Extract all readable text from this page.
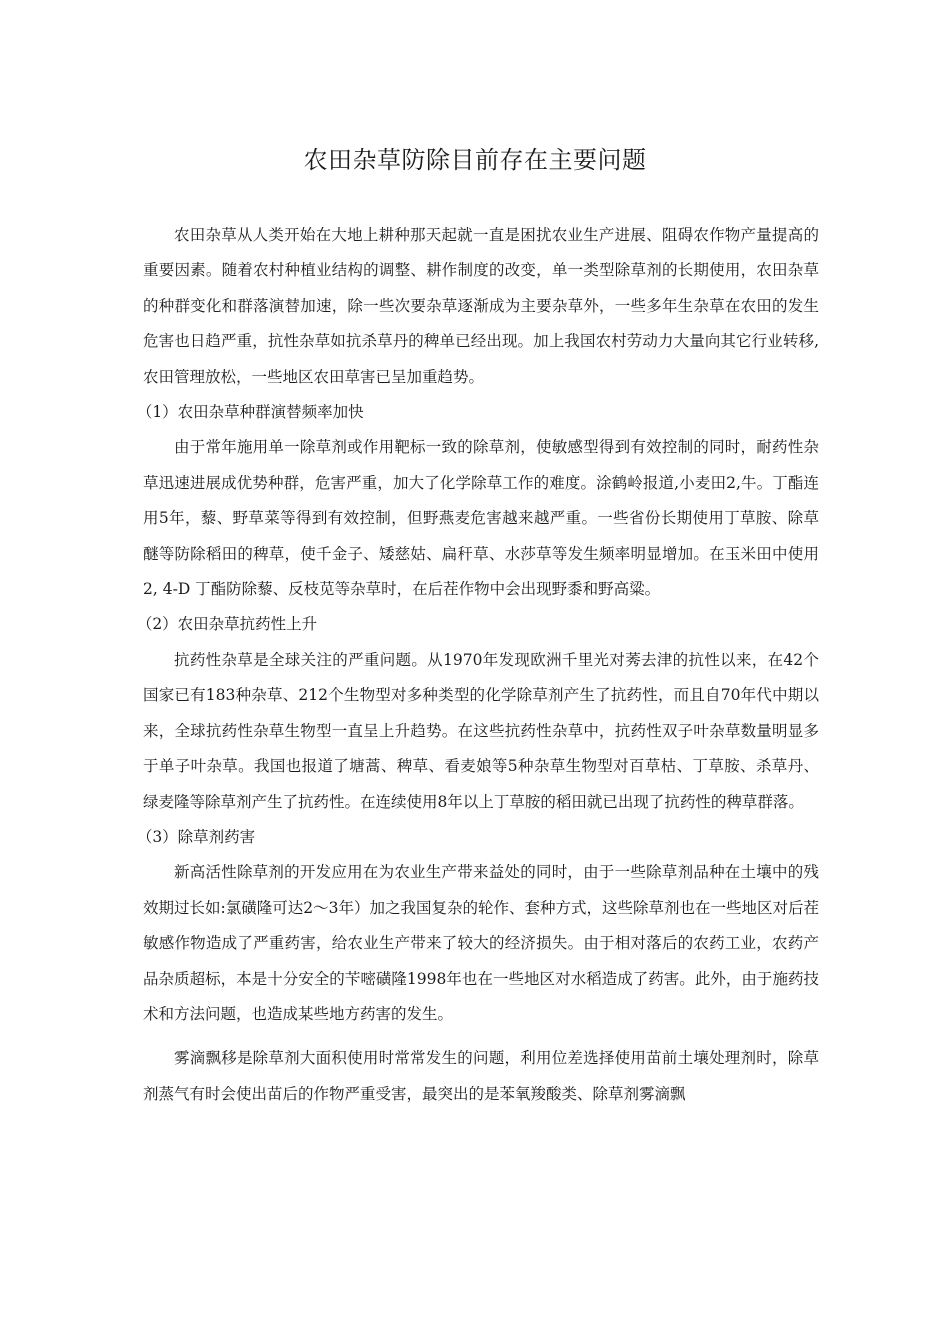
农田杂草防除目前存在主要问题

农田杂草从人类开始在大地上耕种那天起就一直是困扰农业生产进展、阻碍农作物产量提高的重要因素。随着农村种植业结构的调整、耕作制度的改变，单一类型除草剂的长期使用，农田杂草的种群变化和群落演替加速，除一些次要杂草逐渐成为主要杂草外，一些多年生杂草在农田的发生危害也日趋严重，抗性杂草如抗杀草丹的稗单已经出现。加上我国农村劳动力大量向其它行业转移,农田管理放松，一些地区农田草害已呈加重趋势。

（1）农田杂草种群演替频率加快

由于常年施用单一除草剂或作用靶标一致的除草剂，使敏感型得到有效控制的同时，耐药性杂草迅速进展成优势种群，危害严重，加大了化学除草工作的难度。涂鹤岭报道,小麦田2,牛。丁酯连用5年，藜、野草菜等得到有效控制，但野燕麦危害越来越严重。一些省份长期使用丁草胺、除草醚等防除稻田的稗草，使千金子、矮慈姑、扁秆草、水莎草等发生频率明显增加。在玉米田中使用2, 4-D 丁酯防除藜、反枝苋等杂草时，在后茬作物中会出现野黍和野高粱。

（2）农田杂草抗药性上升

抗药性杂草是全球关注的严重问题。从1970年发现欧洲千里光对莠去津的抗性以来，在42个国家已有183种杂草、212个生物型对多种类型的化学除草剂产生了抗药性，而且自70年代中期以来，全球抗药性杂草生物型一直呈上升趋势。在这些抗药性杂草中，抗药性双子叶杂草数量明显多于单子叶杂草。我国也报道了塘蒿、稗草、看麦娘等5种杂草生物型对百草枯、丁草胺、杀草丹、绿麦隆等除草剂产生了抗药性。在连续使用8年以上丁草胺的稻田就已出现了抗药性的稗草群落。

（3）除草剂药害

新高活性除草剂的开发应用在为农业生产带来益处的同时，由于一些除草剂品种在土壤中的残效期过长如:氯磺隆可达2〜3年）加之我国复杂的轮作、套种方式，这些除草剂也在一些地区对后茬敏感作物造成了严重药害，给农业生产带来了较大的经济损失。由于相对落后的农药工业，农药产品杂质超标，本是十分安全的苄嘧磺隆1998年也在一些地区对水稻造成了药害。此外，由于施药技术和方法问题，也造成某些地方药害的发生。

雾滴飘移是除草剂大面积使用时常常发生的问题，利用位差选择使用苗前土壤处理剂时，除草剂蒸气有时会使出苗后的作物严重受害，最突出的是苯氧羧酸类、除草剂雾滴飘
